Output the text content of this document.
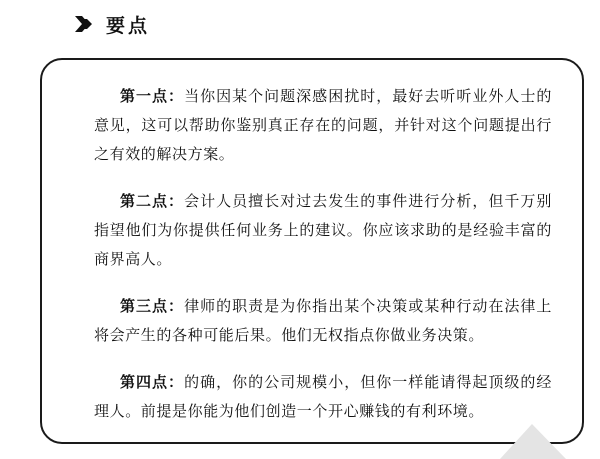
要点

第一点：当你因某个问题深感困扰时，最好去听听业外人士的意见，这可以帮助你鉴别真正存在的问题，并针对这个问题提出行之有效的解决方案。

第二点：会计人员擅长对过去发生的事件进行分析，但千万别指望他们为你提供任何业务上的建议。你应该求助的是经验丰富的商界高人。

第三点：律师的职责是为你指出某个决策或某种行动在法律上将会产生的各种可能后果。他们无权指点你做业务决策。

第四点：的确，你的公司规模小，但你一样能请得起顶级的经理人。前提是你能为他们创造一个开心赚钱的有利环境。
